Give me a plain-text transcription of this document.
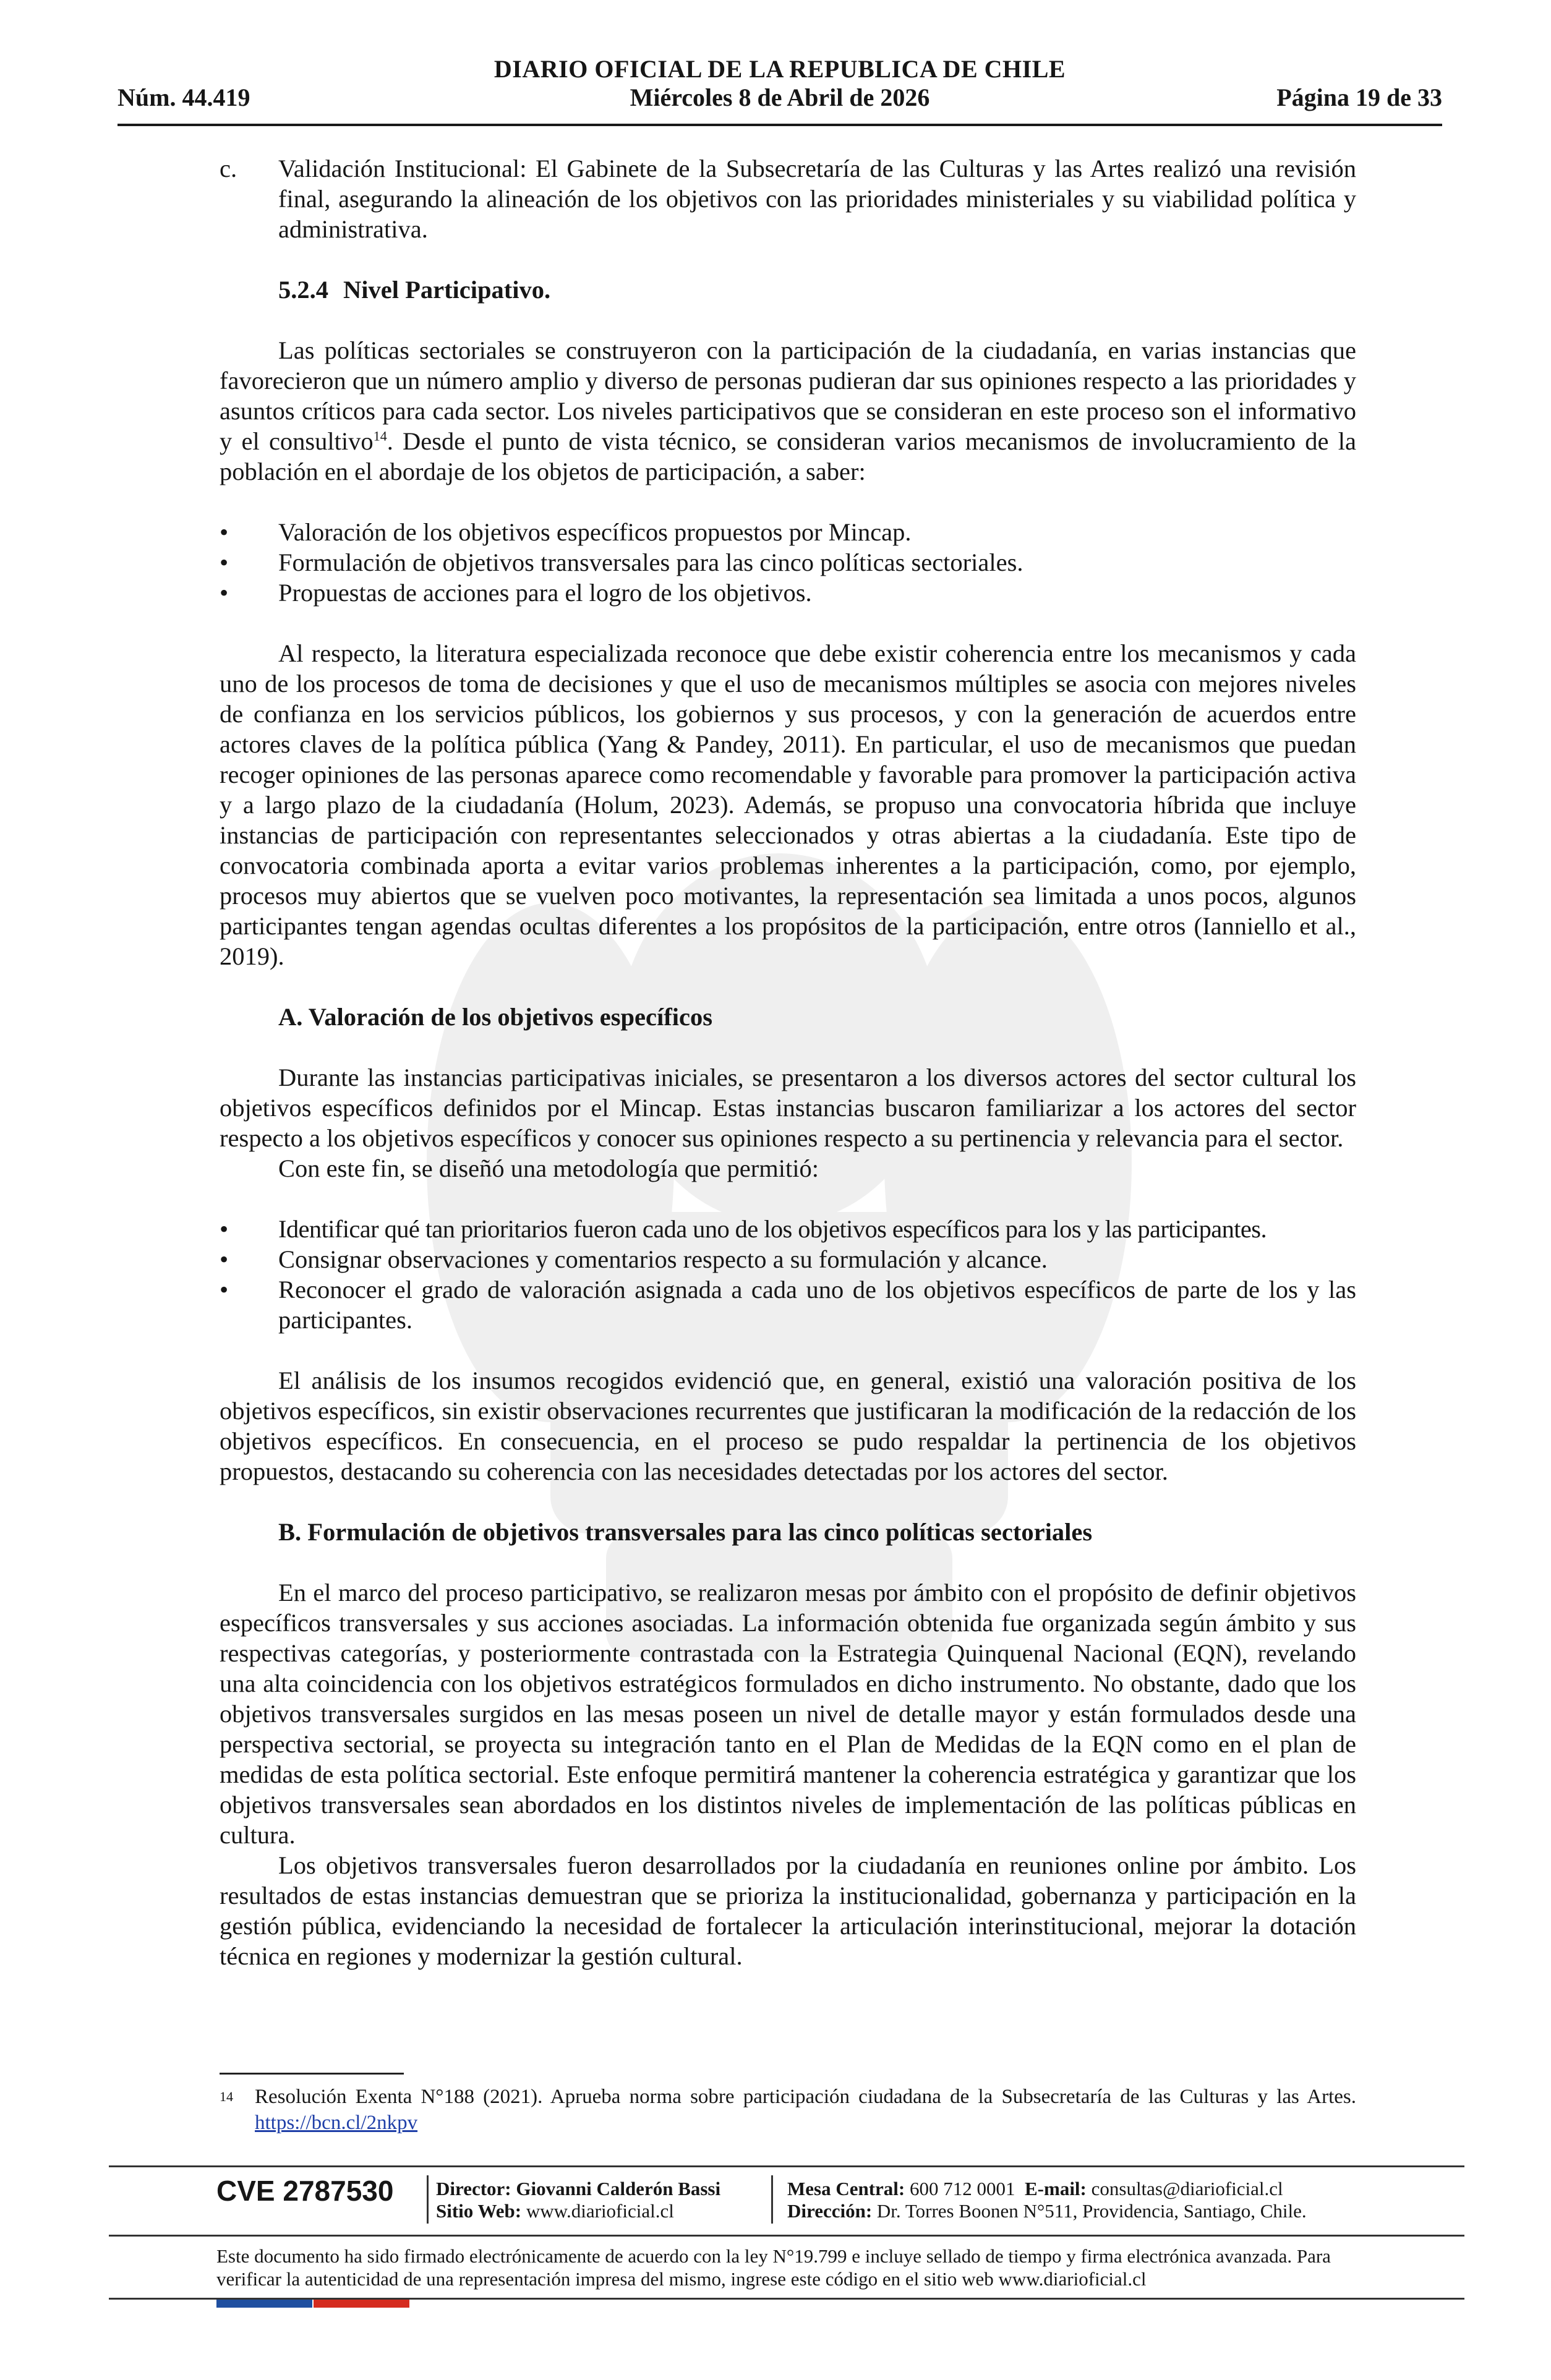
DIARIO OFICIAL DE LA REPUBLICA DE CHILE
Núm. 44.419	Miércoles 8 de Abril de 2026	Página 19 de 33

c. Validación Institucional: El Gabinete de la Subsecretaría de las Culturas y las Artes realizó una revisión final, asegurando la alineación de los objetivos con las prioridades ministeriales y su viabilidad política y administrativa.

5.2.4 Nivel Participativo.

Las políticas sectoriales se construyeron con la participación de la ciudadanía, en varias instancias que favorecieron que un número amplio y diverso de personas pudieran dar sus opiniones respecto a las prioridades y asuntos críticos para cada sector. Los niveles participativos que se consideran en este proceso son el informativo y el consultivo$^{14}$. Desde el punto de vista técnico, se consideran varios mecanismos de involucramiento de la población en el abordaje de los objetos de participación, a saber:

• Valoración de los objetivos específicos propuestos por Mincap.
• Formulación de objetivos transversales para las cinco políticas sectoriales.
• Propuestas de acciones para el logro de los objetivos.

Al respecto, la literatura especializada reconoce que debe existir coherencia entre los mecanismos y cada uno de los procesos de toma de decisiones y que el uso de mecanismos múltiples se asocia con mejores niveles de confianza en los servicios públicos, los gobiernos y sus procesos, y con la generación de acuerdos entre actores claves de la política pública (Yang & Pandey, 2011). En particular, el uso de mecanismos que puedan recoger opiniones de las personas aparece como recomendable y favorable para promover la participación activa y a largo plazo de la ciudadanía (Holum, 2023). Además, se propuso una convocatoria híbrida que incluye instancias de participación con representantes seleccionados y otras abiertas a la ciudadanía. Este tipo de convocatoria combinada aporta a evitar varios problemas inherentes a la participación, como, por ejemplo, procesos muy abiertos que se vuelven poco motivantes, la representación sea limitada a unos pocos, algunos participantes tengan agendas ocultas diferentes a los propósitos de la participación, entre otros (Ianniello et al., 2019).

A. Valoración de los objetivos específicos

Durante las instancias participativas iniciales, se presentaron a los diversos actores del sector cultural los objetivos específicos definidos por el Mincap. Estas instancias buscaron familiarizar a los actores del sector respecto a los objetivos específicos y conocer sus opiniones respecto a su pertinencia y relevancia para el sector.

Con este fin, se diseñó una metodología que permitió:

• Identificar qué tan prioritarios fueron cada uno de los objetivos específicos para los y las participantes.
• Consignar observaciones y comentarios respecto a su formulación y alcance.
• Reconocer el grado de valoración asignada a cada uno de los objetivos específicos de parte de los y las participantes.

El análisis de los insumos recogidos evidenció que, en general, existió una valoración positiva de los objetivos específicos, sin existir observaciones recurrentes que justificaran la modificación de la redacción de los objetivos específicos. En consecuencia, en el proceso se pudo respaldar la pertinencia de los objetivos propuestos, destacando su coherencia con las necesidades detectadas por los actores del sector.

B. Formulación de objetivos transversales para las cinco políticas sectoriales

En el marco del proceso participativo, se realizaron mesas por ámbito con el propósito de definir objetivos específicos transversales y sus acciones asociadas. La información obtenida fue organizada según ámbito y sus respectivas categorías, y posteriormente contrastada con la Estrategia Quinquenal Nacional (EQN), revelando una alta coincidencia con los objetivos estratégicos formulados en dicho instrumento. No obstante, dado que los objetivos transversales surgidos en las mesas poseen un nivel de detalle mayor y están formulados desde una perspectiva sectorial, se proyecta su integración tanto en el Plan de Medidas de la EQN como en el plan de medidas de esta política sectorial. Este enfoque permitirá mantener la coherencia estratégica y garantizar que los objetivos transversales sean abordados en los distintos niveles de implementación de las políticas públicas en cultura.

Los objetivos transversales fueron desarrollados por la ciudadanía en reuniones online por ámbito. Los resultados de estas instancias demuestran que se prioriza la institucionalidad, gobernanza y participación en la gestión pública, evidenciando la necesidad de fortalecer la articulación interinstitucional, mejorar la dotación técnica en regiones y modernizar la gestión cultural.

14	Resolución Exenta N°188 (2021). Aprueba norma sobre participación ciudadana de la Subsecretaría de las Culturas y las Artes. https://bcn.cl/2nkpv

CVE 2787530 Director: Giovanni Calderón Bassi
Sitio Web: www.diarioficial.cl
Mesa Central: 600 712 0001 E-mail: consultas@diarioficial.cl
Dirección: Dr. Torres Boonen N°511, Providencia, Santiago, Chile.
Este documento ha sido firmado electrónicamente de acuerdo con la ley N°19.799 e incluye sellado de tiempo y firma electrónica avanzada. Para verificar la autenticidad de una representación impresa del mismo, ingrese este código en el sitio web www.diarioficial.cl
